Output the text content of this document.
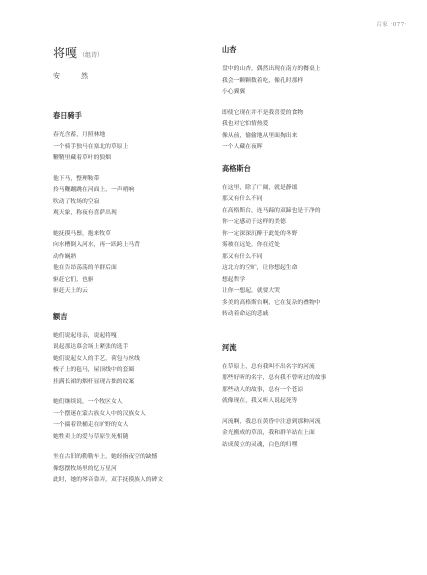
百家 ·077·
将嘎 （组诗）
安　然
春日骑手
春光含蓄，月照林地
一个骑手独马在塞北的草原上
鞭鞘里藏着草叶的狼烟
他下马，整理鞍带
拎马鞭蹦跳在河面上，一声哨响
吹动了牧场的空寂
观天象，称夜有喜萨出现
她抚摸马鬃，抱来牧草
向水槽倒入河水，再一跃跨上马背
动作娴熟
他在告昂荡荡的羊群后面
驱赶它们，也驱
驱赶天上的云
额吉
她们说起母亲，说起将嘎
说起那达慕会场上紧张的选手
她们说起女人的手艺，荷包与丝线
梭子上的毡马，屋顶线中的套圈
挂满长裙的烟杆显现古拙的纹案
她们继续说，一个牧区女人
一个摆迷在蒙古族女人中的汉族女人
一个揣着铁桶走在旷野的女人
她牲卖上的爱与草原生死相随
坐在古旧的勒勒车上，她经指夜空的缺憾
像悠摆牧场里的忆万星河
此时，她的琴音靠弄，双手抚摸族人的碑文
山杏
盘中的山杏，偶然出现在南方的餐桌上
我会一颗颗数着吃，像孔时那样
小心翼翼
即使它现在并不是我喜爱的食物
我也对它怕情热爱
像从前，偷偷地从里面掏出来
一个人藏在夜晖
高格斯台
在这里，除了广阔，就是静谧
那又有什么不同
在高格斯台，连马蹄的双蹄也是干净的
你一定感动于这样的美德
你一定深深沉醉于此处的冬野
雾被在远处，你在近处
那又有什么不同
这北方的空旷，让你想起生命
想起哲学
让你一想起，就要大哭
多美的高格斯台啊，它在复杂的叠物中
转动着命运的悲戚
河流
在草原上，总有我叫不出名字的河流
那些好听的名字，总有我不曾听过的故事
那些动人的故事，总有一个苍凉
就像现在，我又听人说起死等
河流啊，我总在黄昏中注意到那种河流
金光搬成的草浪，我和群羊站在上面
站成蔑立的灵魂，白色的归嘿
